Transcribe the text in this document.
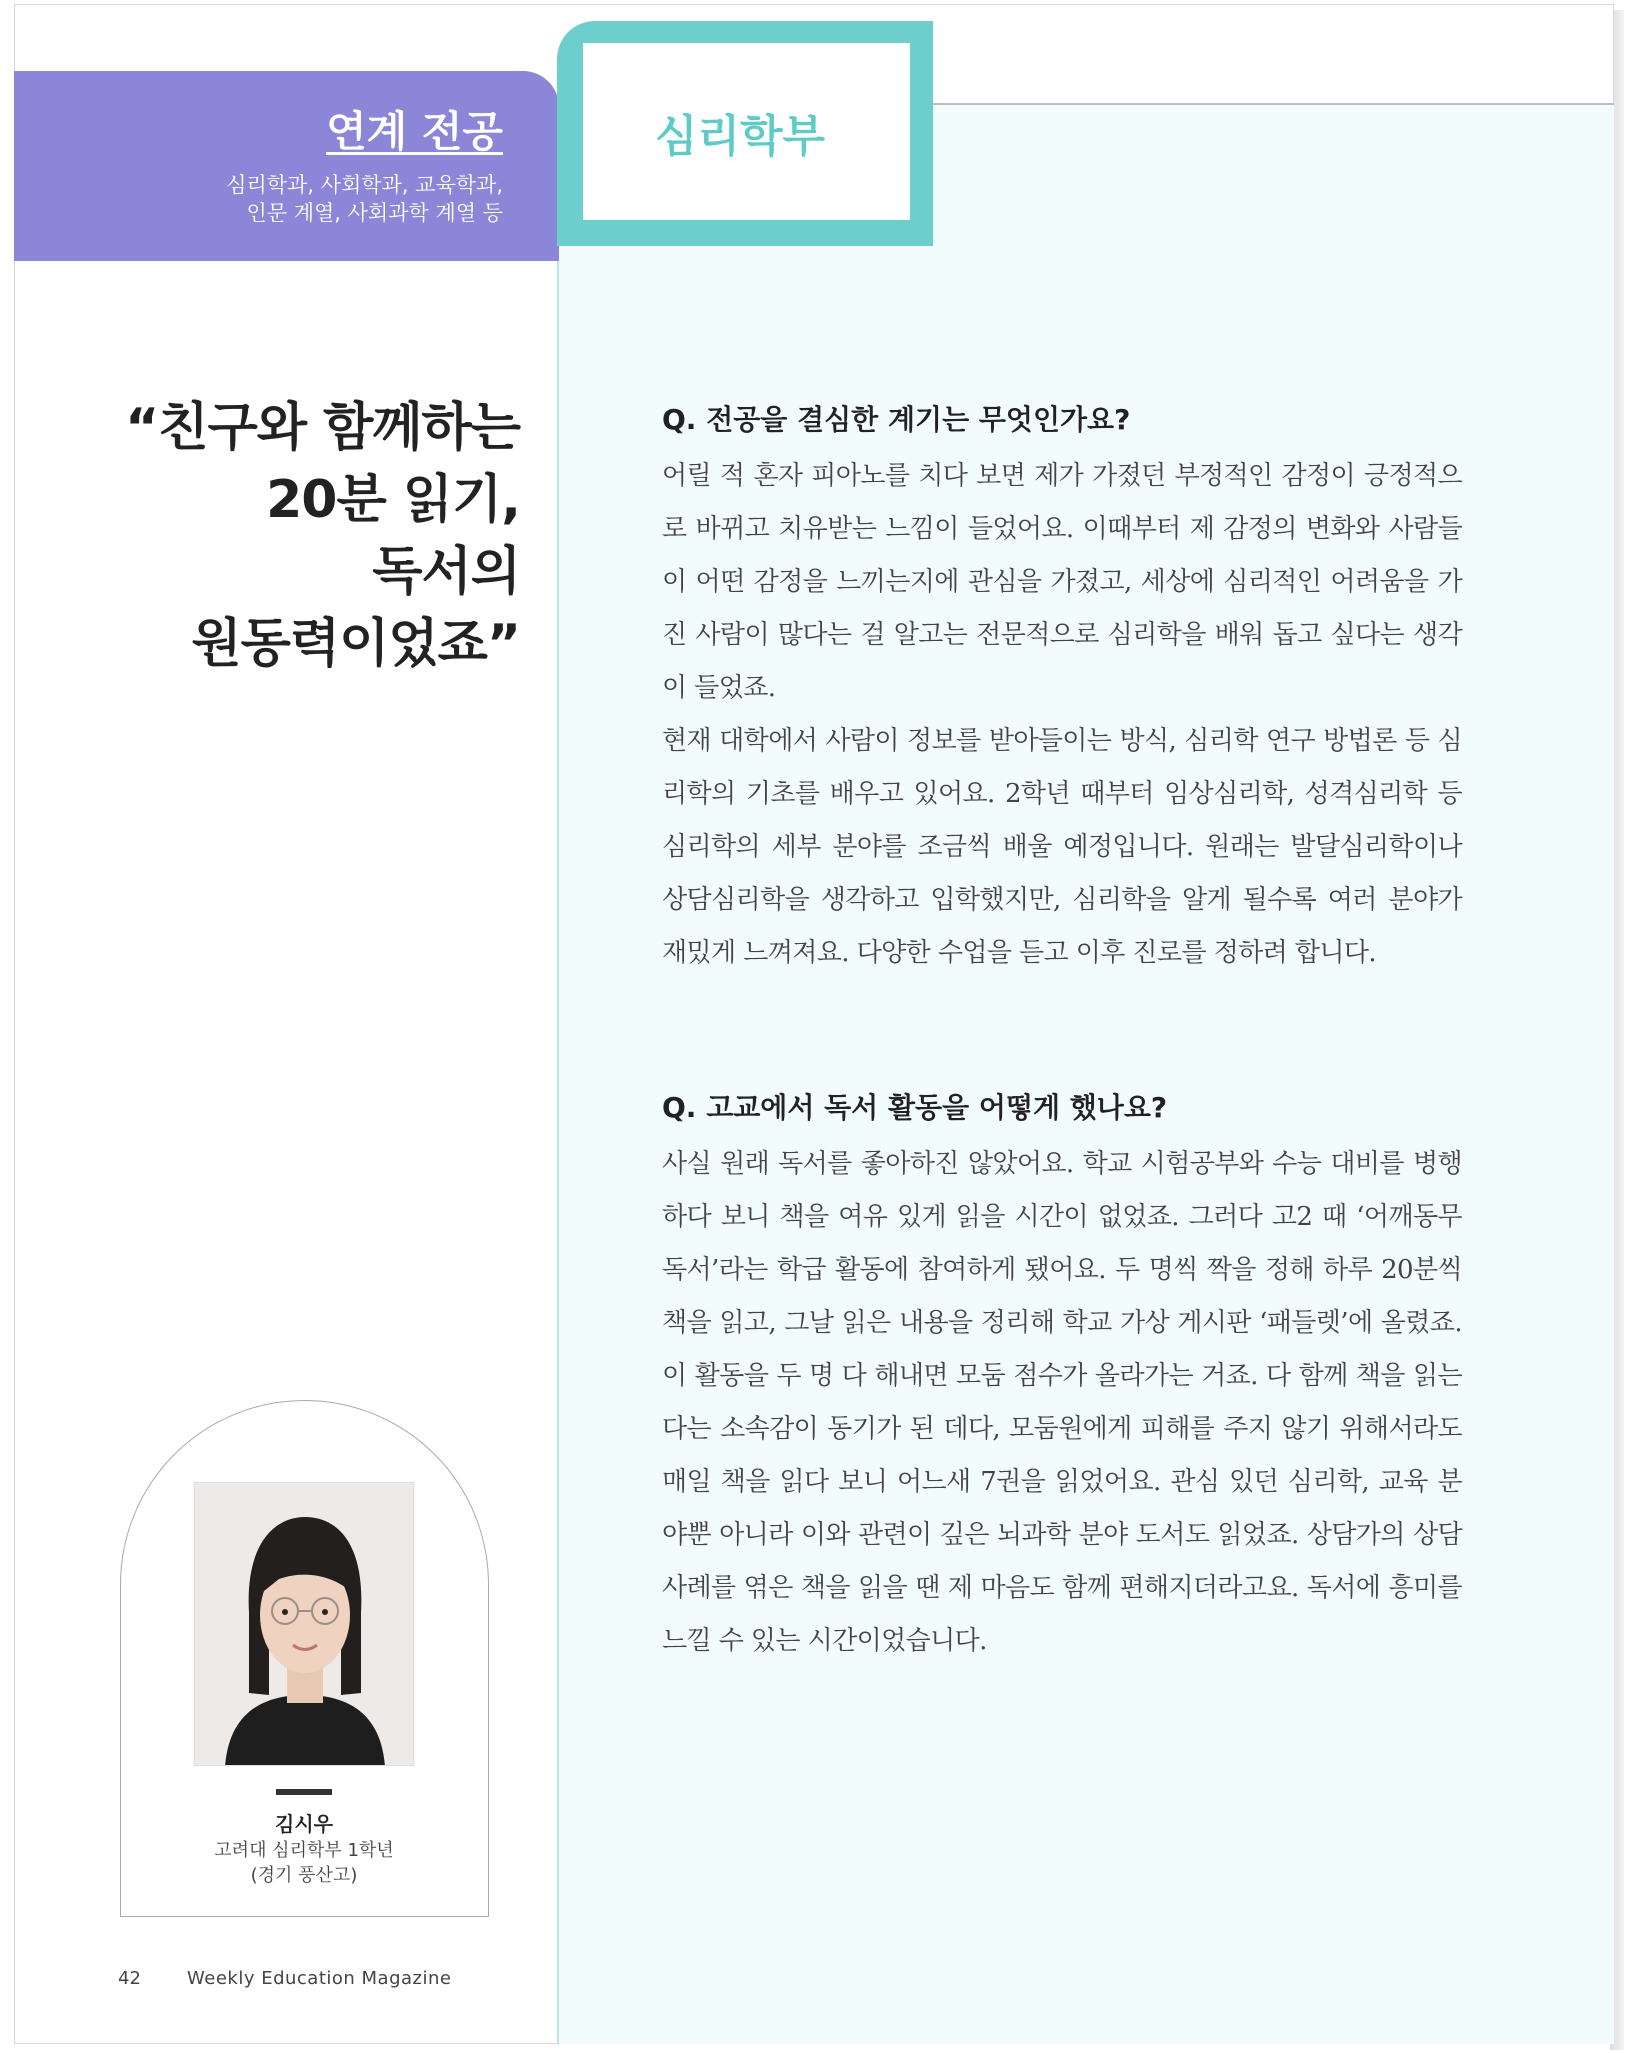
연계 전공
심리학과, 사회학과, 교육학과,
인문 계열, 사회과학 계열 등
심리학부
“친구와 함께하는
20분 읽기,
독서의
원동력이었죠”
Q. 전공을 결심한 계기는 무엇인가요?

어릴 적 혼자 피아노를 치다 보면 제가 가졌던 부정적인 감정이 긍정적으로 바뀌고 치유받는 느낌이 들었어요. 이때부터 제 감정의 변화와 사람들이 어떤 감정을 느끼는지에 관심을 가졌고, 세상에 심리적인 어려움을 가진 사람이 많다는 걸 알고는 전문적으로 심리학을 배워 돕고 싶다는 생각이 들었죠.

현재 대학에서 사람이 정보를 받아들이는 방식, 심리학 연구 방법론 등 심리학의 기초를 배우고 있어요. 2학년 때부터 임상심리학, 성격심리학 등 심리학의 세부 분야를 조금씩 배울 예정입니다. 원래는 발달심리학이나 상담심리학을 생각하고 입학했지만, 심리학을 알게 될수록 여러 분야가 재밌게 느껴져요. 다양한 수업을 듣고 이후 진로를 정하려 합니다.

Q. 고교에서 독서 활동을 어떻게 했나요?

사실 원래 독서를 좋아하진 않았어요. 학교 시험공부와 수능 대비를 병행하다 보니 책을 여유 있게 읽을 시간이 없었죠. 그러다 고2 때 ‘어깨동무 독서’라는 학급 활동에 참여하게 됐어요. 두 명씩 짝을 정해 하루 20분씩 책을 읽고, 그날 읽은 내용을 정리해 학교 가상 게시판 ‘패들렛’에 올렸죠. 이 활동을 두 명 다 해내면 모둠 점수가 올라가는 거죠. 다 함께 책을 읽는다는 소속감이 동기가 된 데다, 모둠원에게 피해를 주지 않기 위해서라도 매일 책을 읽다 보니 어느새 7권을 읽었어요. 관심 있던 심리학, 교육 분야뿐 아니라 이와 관련이 깊은 뇌과학 분야 도서도 읽었죠. 상담가의 상담 사례를 엮은 책을 읽을 땐 제 마음도 함께 편해지더라고요. 독서에 흥미를 느낄 수 있는 시간이었습니다.

김시우
고려대 심리학부 1학년
(경기 풍산고)
42	Weekly Education Magazine
